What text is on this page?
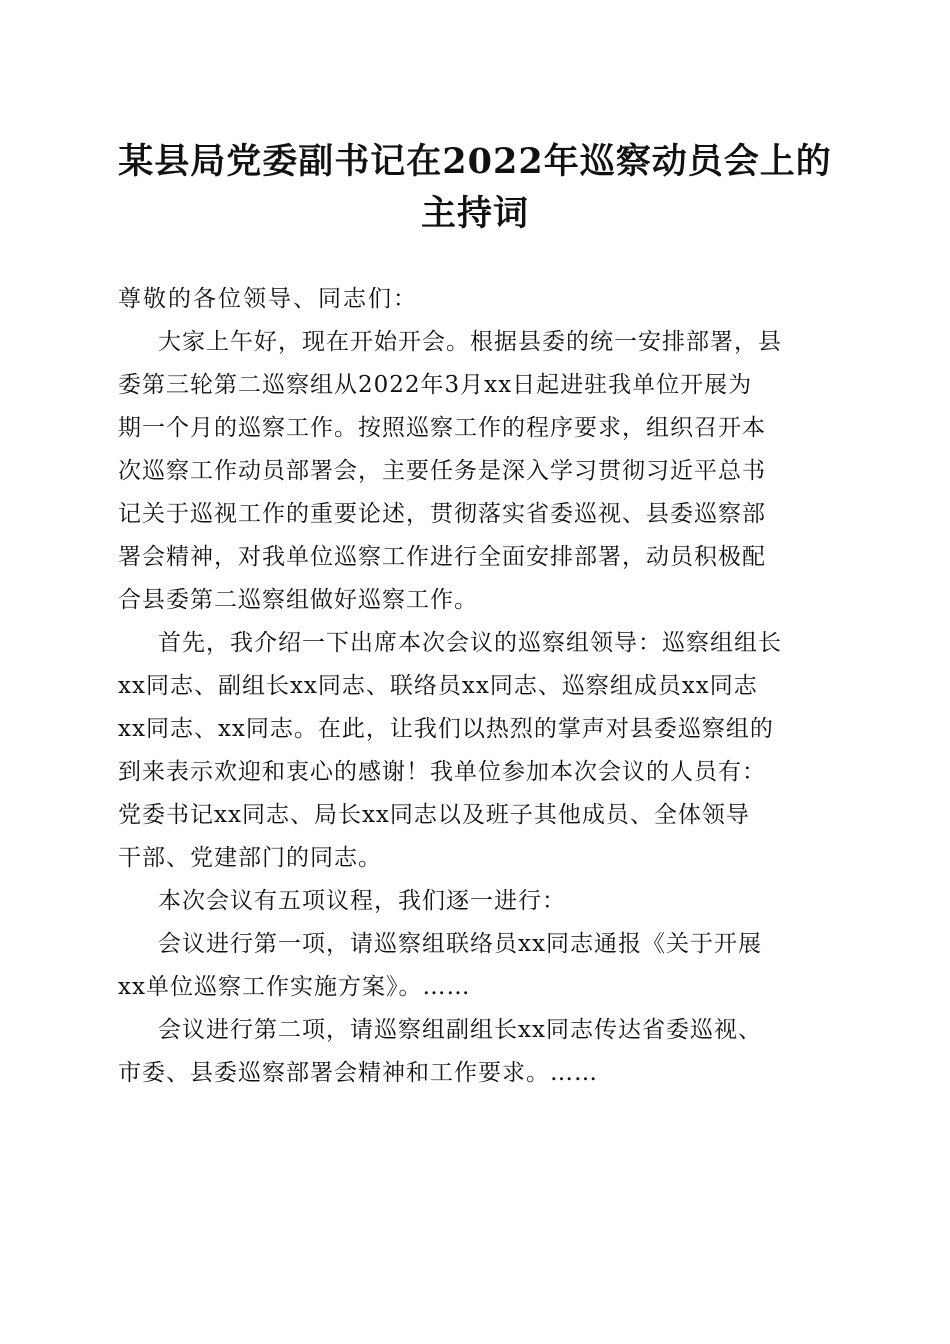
某县局党委副书记在2022年巡察动员会上的
主持词

尊敬的各位领导、同志们：

大家上午好，现在开始开会。根据县委的统一安排部署，县
委第三轮第二巡察组从2022年3月xx日起进驻我单位开展为
期一个月的巡察工作。按照巡察工作的程序要求，组织召开本
次巡察工作动员部署会，主要任务是深入学习贯彻习近平总书
记关于巡视工作的重要论述，贯彻落实省委巡视、县委巡察部
署会精神，对我单位巡察工作进行全面安排部署，动员积极配
合县委第二巡察组做好巡察工作。

首先，我介绍一下出席本次会议的巡察组领导：巡察组组长
xx同志、副组长xx同志、联络员xx同志、巡察组成员xx同志
xx同志、xx同志。在此，让我们以热烈的掌声对县委巡察组的
到来表示欢迎和衷心的感谢！我单位参加本次会议的人员有：
党委书记xx同志、局长xx同志以及班子其他成员、全体领导
干部、党建部门的同志。

本次会议有五项议程，我们逐一进行：

会议进行第一项，请巡察组联络员xx同志通报《关于开展
xx单位巡察工作实施方案》。……

会议进行第二项，请巡察组副组长xx同志传达省委巡视、
市委、县委巡察部署会精神和工作要求。……
